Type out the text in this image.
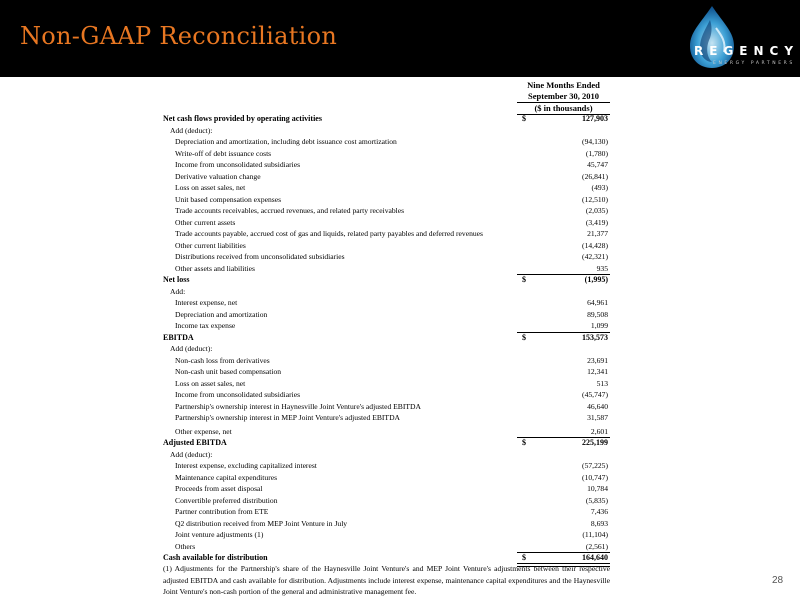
Non-GAAP Reconciliation
REGENCY
ENERGY PARTNERS
Nine Months Ended
September 30, 2010
($ in thousands)
Net cash flows provided by operating activities	$	127,903
Add (deduct):
Depreciation and amortization, including debt issuance cost amortization	(94,130)
Write-off of debt issuance costs	(1,780)
Income from unconsolidated subsidiaries	45,747
Derivative valuation change	(26,841)
Loss on asset sales, net	(493)
Unit based compensation expenses	(12,510)
Trade accounts receivables, accrued revenues, and related party receivables	(2,035)
Other current assets	(3,419)
Trade accounts payable, accrued cost of gas and liquids, related party payables and deferred revenues	21,377
Other current liabilities	(14,428)
Distributions received from unconsolidated subsidiaries	(42,321)
Other assets and liabilities	935
Net loss	$	(1,995)
Add:
Interest expense, net	64,961
Depreciation and amortization	89,508
Income tax expense	1,099
EBITDA	$	153,573
Add (deduct):
Non-cash loss from derivatives	23,691
Non-cash unit based compensation	12,341
Loss on asset sales, net	513
Income from unconsolidated subsidiaries	(45,747)
Partnership's ownership interest in Haynesville Joint Venture's adjusted EBITDA	46,640
Partnership's ownership interest in MEP Joint Venture's adjusted EBITDA	31,587
Other expense, net	2,601
Adjusted EBITDA	$	225,199
Add (deduct):
Interest expense, excluding capitalized interest	(57,225)
Maintenance capital expenditures	(10,747)
Proceeds from asset disposal	10,784
Convertible preferred distribution	(5,835)
Partner contribution from ETE	7,436
Q2 distribution received from MEP Joint Venture in July	8,693
Joint venture adjustments (1)	(11,104)
Others	(2,561)
Cash available for distribution	$	164,640
(1) Adjustments for the Partnership's share of the Haynesville Joint Venture's and MEP Joint Venture's adjustments between their respective adjusted EBITDA and cash available for distribution. Adjustments include interest expense, maintenance capital expenditures and the Haynesville Joint Venture's non-cash portion of the general and administrative management fee.
28
